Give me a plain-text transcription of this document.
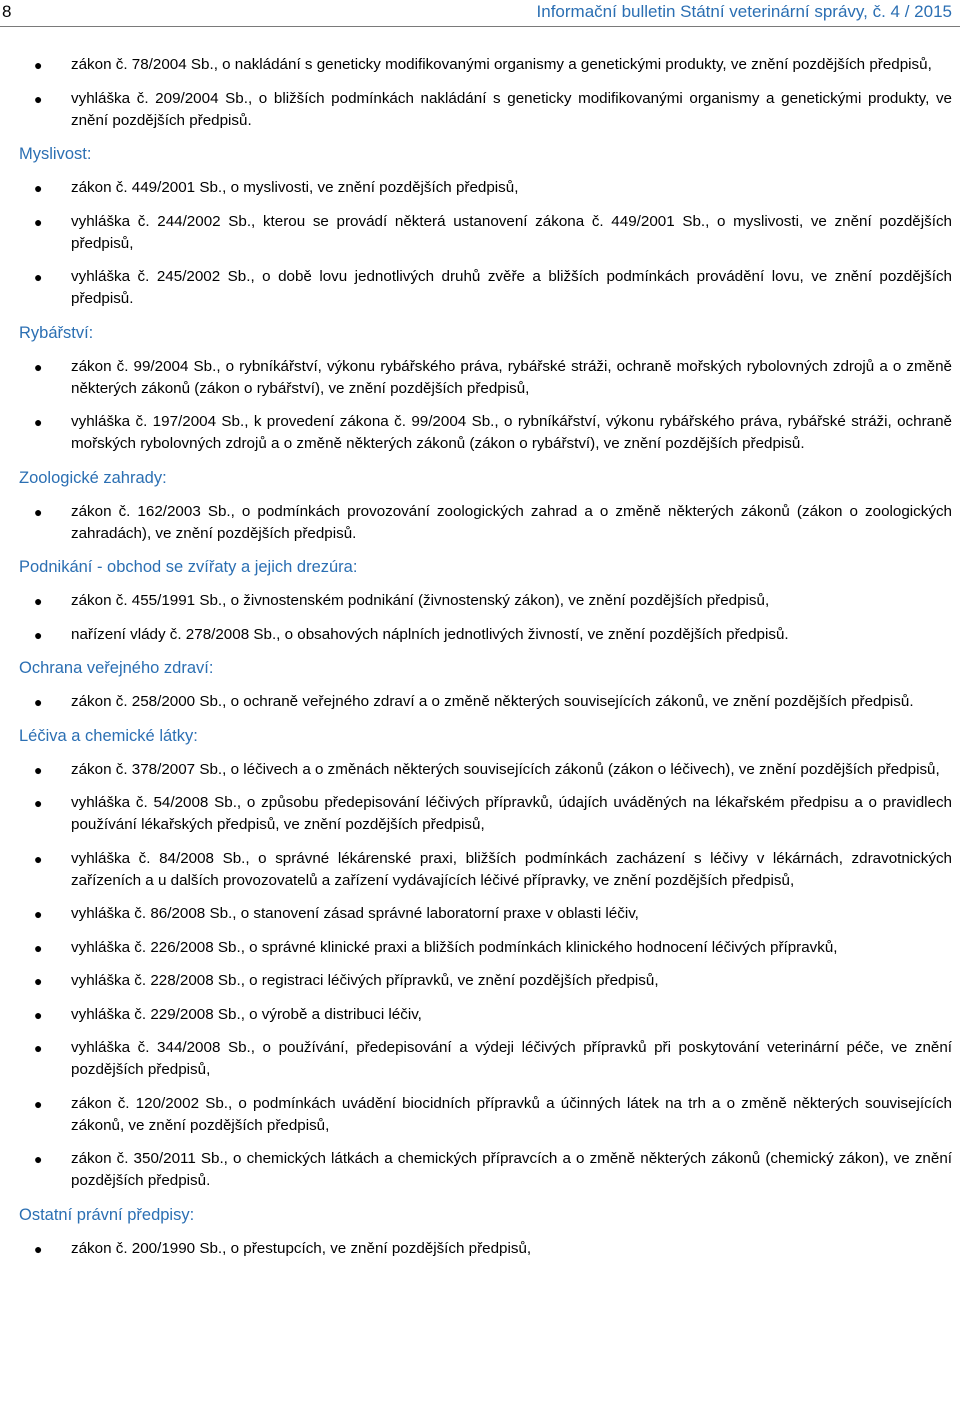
8	Informační bulletin Státní veterinární správy, č. 4 / 2015
● zákon č. 78/2004 Sb., o nakládání s geneticky modifikovanými organismy a genetickými produkty, ve znění pozdějších předpisů,
● vyhláška č. 209/2004 Sb., o bližších podmínkách nakládání s geneticky modifikovanými organismy a genetickými produkty, ve znění pozdějších předpisů.
Myslivost:
● zákon č. 449/2001 Sb., o myslivosti, ve znění pozdějších předpisů,
● vyhláška č. 244/2002 Sb., kterou se provádí některá ustanovení zákona č. 449/2001 Sb., o myslivosti, ve znění pozdějších předpisů,
● vyhláška č. 245/2002 Sb., o době lovu jednotlivých druhů zvěře a bližších podmínkách provádění lovu, ve znění pozdějších předpisů.
Rybářství:
● zákon č. 99/2004 Sb., o rybníkářství, výkonu rybářského práva, rybářské stráži, ochraně mořských rybolovných zdrojů a o změně některých zákonů (zákon o rybářství), ve znění pozdějších předpisů,
● vyhláška č. 197/2004 Sb., k provedení zákona č. 99/2004 Sb., o rybníkářství, výkonu rybářského práva, rybářské stráži, ochraně mořských rybolovných zdrojů a o změně některých zákonů (zákon o rybářství), ve znění pozdějších předpisů.
Zoologické zahrady:
● zákon č. 162/2003 Sb., o podmínkách provozování zoologických zahrad a o změně některých zákonů (zákon o zoologických zahradách), ve znění pozdějších předpisů.
Podnikání - obchod se zvířaty a jejich drezúra:
● zákon č. 455/1991 Sb., o živnostenském podnikání (živnostenský zákon), ve znění pozdějších předpisů,
● nařízení vlády č. 278/2008 Sb., o obsahových náplních jednotlivých živností, ve znění pozdějších předpisů.
Ochrana veřejného zdraví:
● zákon č. 258/2000 Sb., o ochraně veřejného zdraví a o změně některých souvisejících zákonů, ve znění pozdějších předpisů.
Léčiva a chemické látky:
● zákon č. 378/2007 Sb., o léčivech a o změnách některých souvisejících zákonů (zákon o léčivech), ve znění pozdějších předpisů,
● vyhláška č. 54/2008 Sb., o způsobu předepisování léčivých přípravků, údajích uváděných na lékařském předpisu a o pravidlech používání lékařských předpisů, ve znění pozdějších předpisů,
● vyhláška č. 84/2008 Sb., o správné lékárenské praxi, bližších podmínkách zacházení s léčivy v lékárnách, zdravotnických zařízeních a u dalších provozovatelů a zařízení vydávajících léčivé přípravky, ve znění pozdějších předpisů,
● vyhláška č. 86/2008 Sb., o stanovení zásad správné laboratorní praxe v oblasti léčiv,
● vyhláška č. 226/2008 Sb., o správné klinické praxi a bližších podmínkách klinického hodnocení léčivých přípravků,
● vyhláška č. 228/2008 Sb., o registraci léčivých přípravků, ve znění pozdějších předpisů,
● vyhláška č. 229/2008 Sb., o výrobě a distribuci léčiv,
● vyhláška č. 344/2008 Sb., o používání, předepisování a výdeji léčivých přípravků při poskytování veterinární péče, ve znění pozdějších předpisů,
● zákon č. 120/2002 Sb., o podmínkách uvádění biocidních přípravků a účinných látek na trh a o změně některých souvisejících zákonů, ve znění pozdějších předpisů,
● zákon č. 350/2011 Sb., o chemických látkách a chemických přípravcích a o změně některých zákonů (chemický zákon), ve znění pozdějších předpisů.
Ostatní právní předpisy:
● zákon č. 200/1990 Sb., o přestupcích, ve znění pozdějších předpisů,
